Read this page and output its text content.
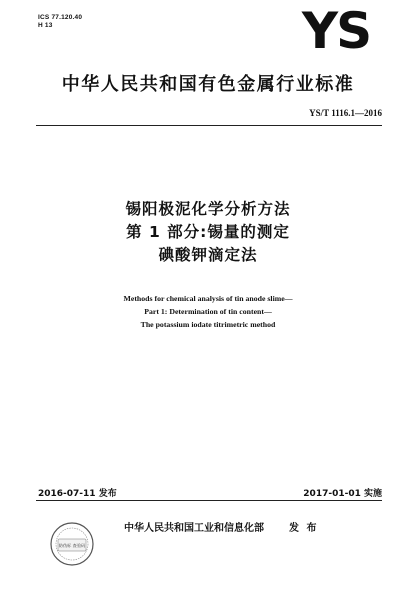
ICS 77.120.40
H 13	YS
中华人民共和国有色金属行业标准
YS/T 1116.1—2016
锡阳极泥化学分析方法
第 1 部分:锡量的测定
碘酸钾滴定法
Methods for chemical analysis of tin anode slime—
Part 1: Determination of tin content—
The potassium iodate titrimetric method
2016-07-11 发布	2017-01-01 实施
防伪标 查验码
中华人民共和国工业和信息化部	发 布
